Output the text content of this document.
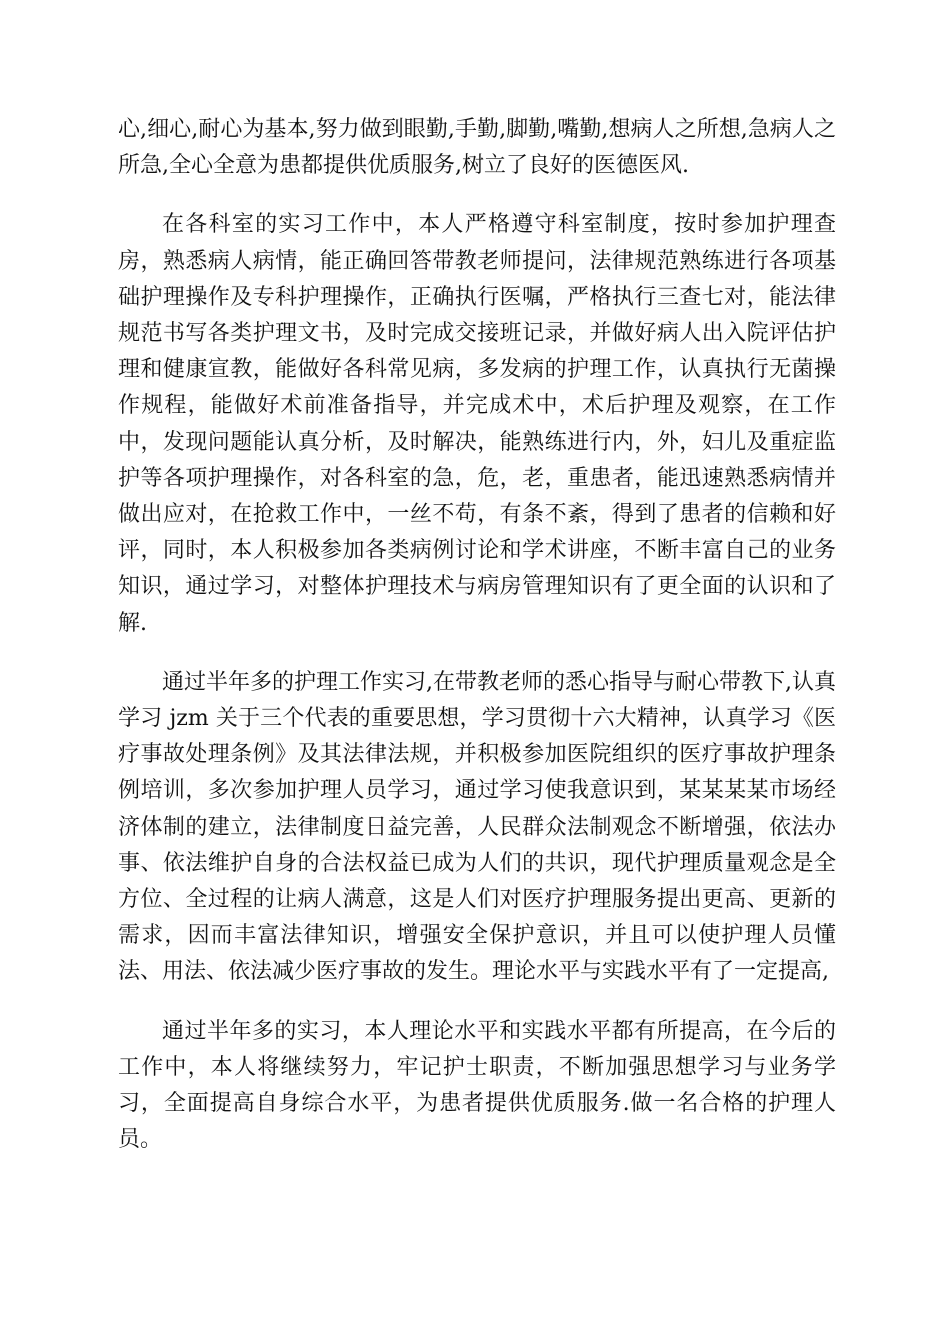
心,细心,耐心为基本,努力做到眼勤,手勤,脚勤,嘴勤,想病人之所想,急病人之所急,全心全意为患都提供优质服务,树立了良好的医德医风.

在各科室的实习工作中，本人严格遵守科室制度，按时参加护理查房，熟悉病人病情，能正确回答带教老师提问，法律规范熟练进行各项基础护理操作及专科护理操作，正确执行医嘱，严格执行三查七对，能法律规范书写各类护理文书，及时完成交接班记录，并做好病人出入院评估护理和健康宣教，能做好各科常见病，多发病的护理工作，认真执行无菌操作规程，能做好术前准备指导，并完成术中，术后护理及观察，在工作中，发现问题能认真分析，及时解决，能熟练进行内，外，妇儿及重症监护等各项护理操作，对各科室的急，危，老，重患者，能迅速熟悉病情并做出应对，在抢救工作中，一丝不苟，有条不紊，得到了患者的信赖和好评，同时，本人积极参加各类病例讨论和学术讲座，不断丰富自己的业务知识，通过学习，对整体护理技术与病房管理知识有了更全面的认识和了解.

通过半年多的护理工作实习,在带教老师的悉心指导与耐心带教下,认真学习 jzm 关于三个代表的重要思想，学习贯彻十六大精神，认真学习《医疗事故处理条例》及其法律法规，并积极参加医院组织的医疗事故护理条例培训，多次参加护理人员学习，通过学习使我意识到，某某某某市场经济体制的建立，法律制度日益完善，人民群众法制观念不断增强，依法办事、依法维护自身的合法权益已成为人们的共识，现代护理质量观念是全方位、全过程的让病人满意，这是人们对医疗护理服务提出更高、更新的需求，因而丰富法律知识，增强安全保护意识，并且可以使护理人员懂法、用法、依法减少医疗事故的发生。理论水平与实践水平有了一定提高,

通过半年多的实习，本人理论水平和实践水平都有所提高，在今后的工作中，本人将继续努力，牢记护士职责，不断加强思想学习与业务学习，全面提高自身综合水平，为患者提供优质服务.做一名合格的护理人员。
